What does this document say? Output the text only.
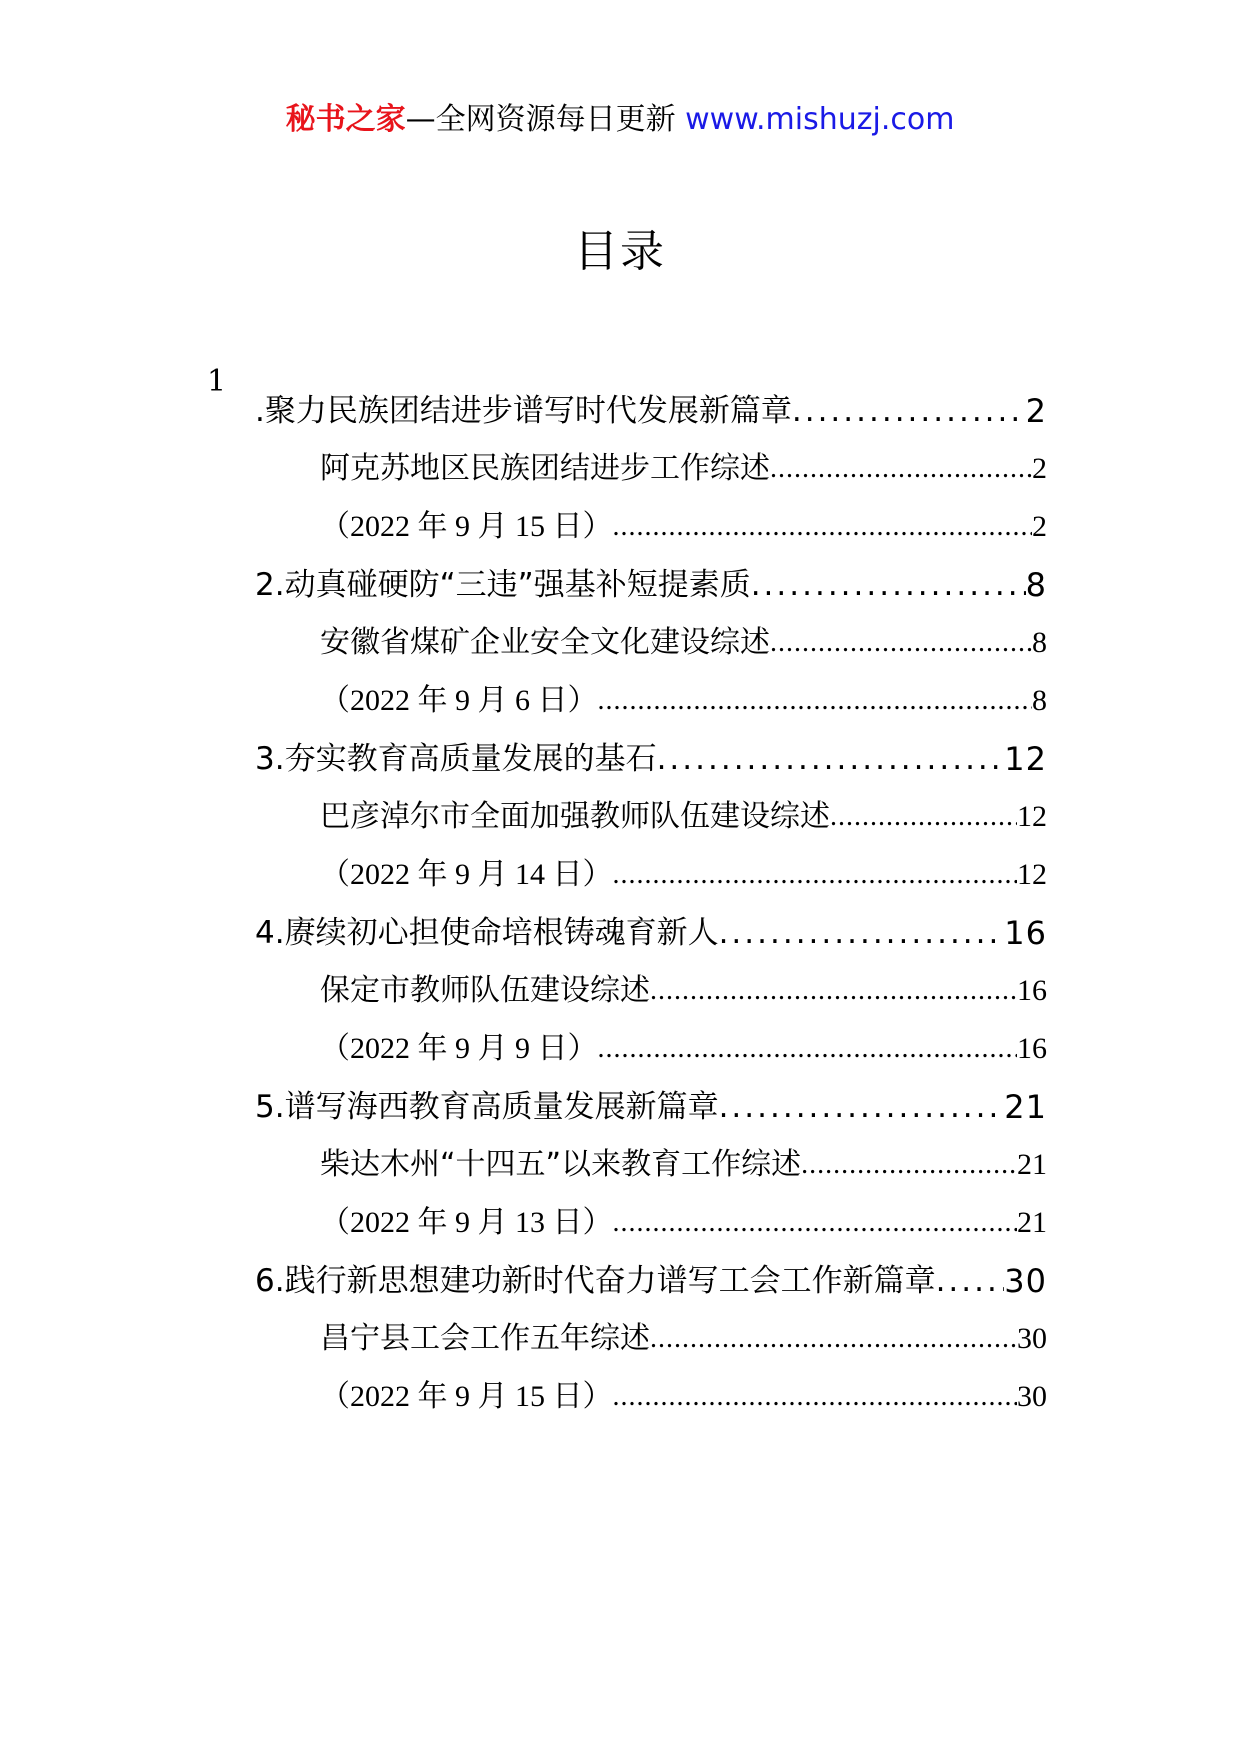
秘书之家—全网资源每日更新 www.mishuzj.com
目录
1
.聚力民族团结进步谱写时代发展新篇章 .....	2
阿克苏地区民族团结进步工作综述 .....	2
（2022 年 9 月 15 日） .....	2
2.动真碰硬防“三违”强基补短提素质 .....	8
安徽省煤矿企业安全文化建设综述 .....	8
（2022 年 9 月 6 日） .....	8
3.夯实教育高质量发展的基石 .....	12
巴彦淖尔市全面加强教师队伍建设综述 .....	12
（2022 年 9 月 14 日） .....	12
4.赓续初心担使命培根铸魂育新人 .....	16
保定市教师队伍建设综述 .....	16
（2022 年 9 月 9 日） .....	16
5.谱写海西教育高质量发展新篇章 .....	21
柴达木州“十四五”以来教育工作综述 .....	21
（2022 年 9 月 13 日） .....	21
6.践行新思想建功新时代奋力谱写工会工作新篇章 ..... 30
昌宁县工会工作五年综述 .....	30
（2022 年 9 月 15 日） .....	30
